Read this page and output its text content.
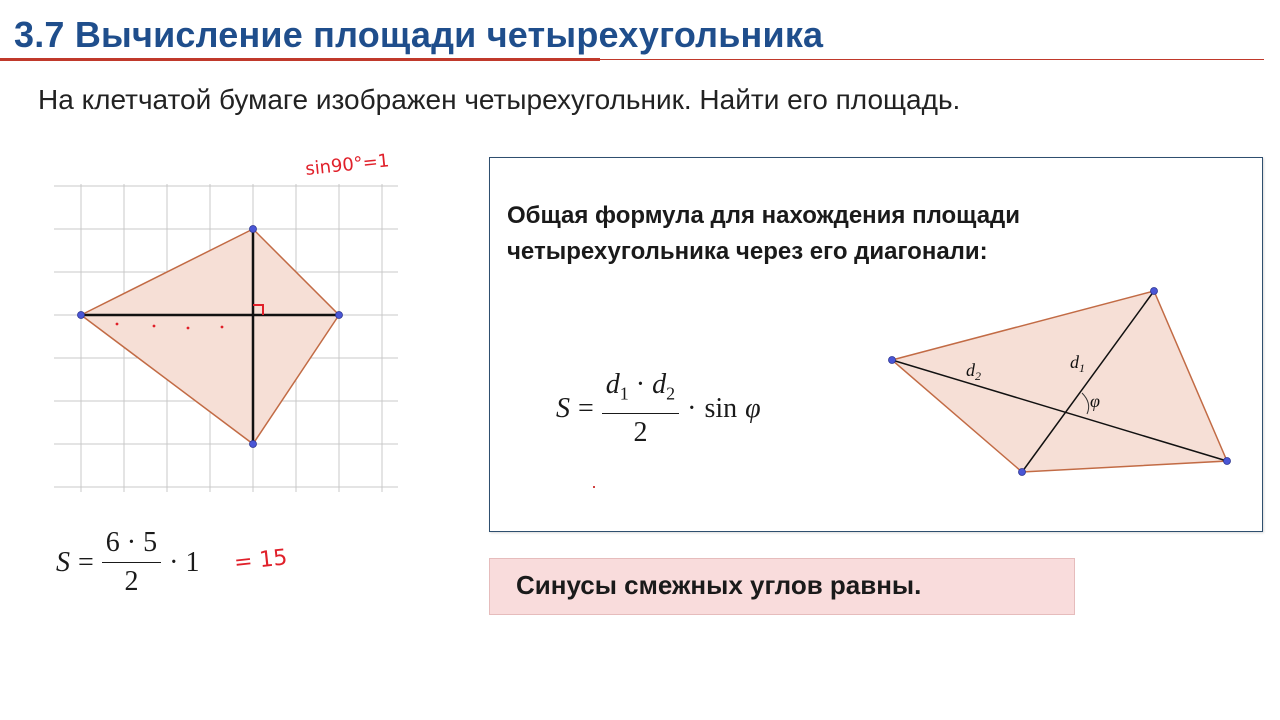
3.7 Вычисление площади четырехугольника
На клетчатой бумаге изображен четырехугольник. Найти его площадь.
sin90°=1
$S = \frac{6 \cdot 5}{2} \cdot 1 = 15$
Общая формула для нахождения площади четырехугольника через его диагонали:
$S = \frac{d_1 \cdot d_2}{2} \cdot \sin \varphi$
$d_1$
$d_2$
φ
Синусы смежных углов равны.
